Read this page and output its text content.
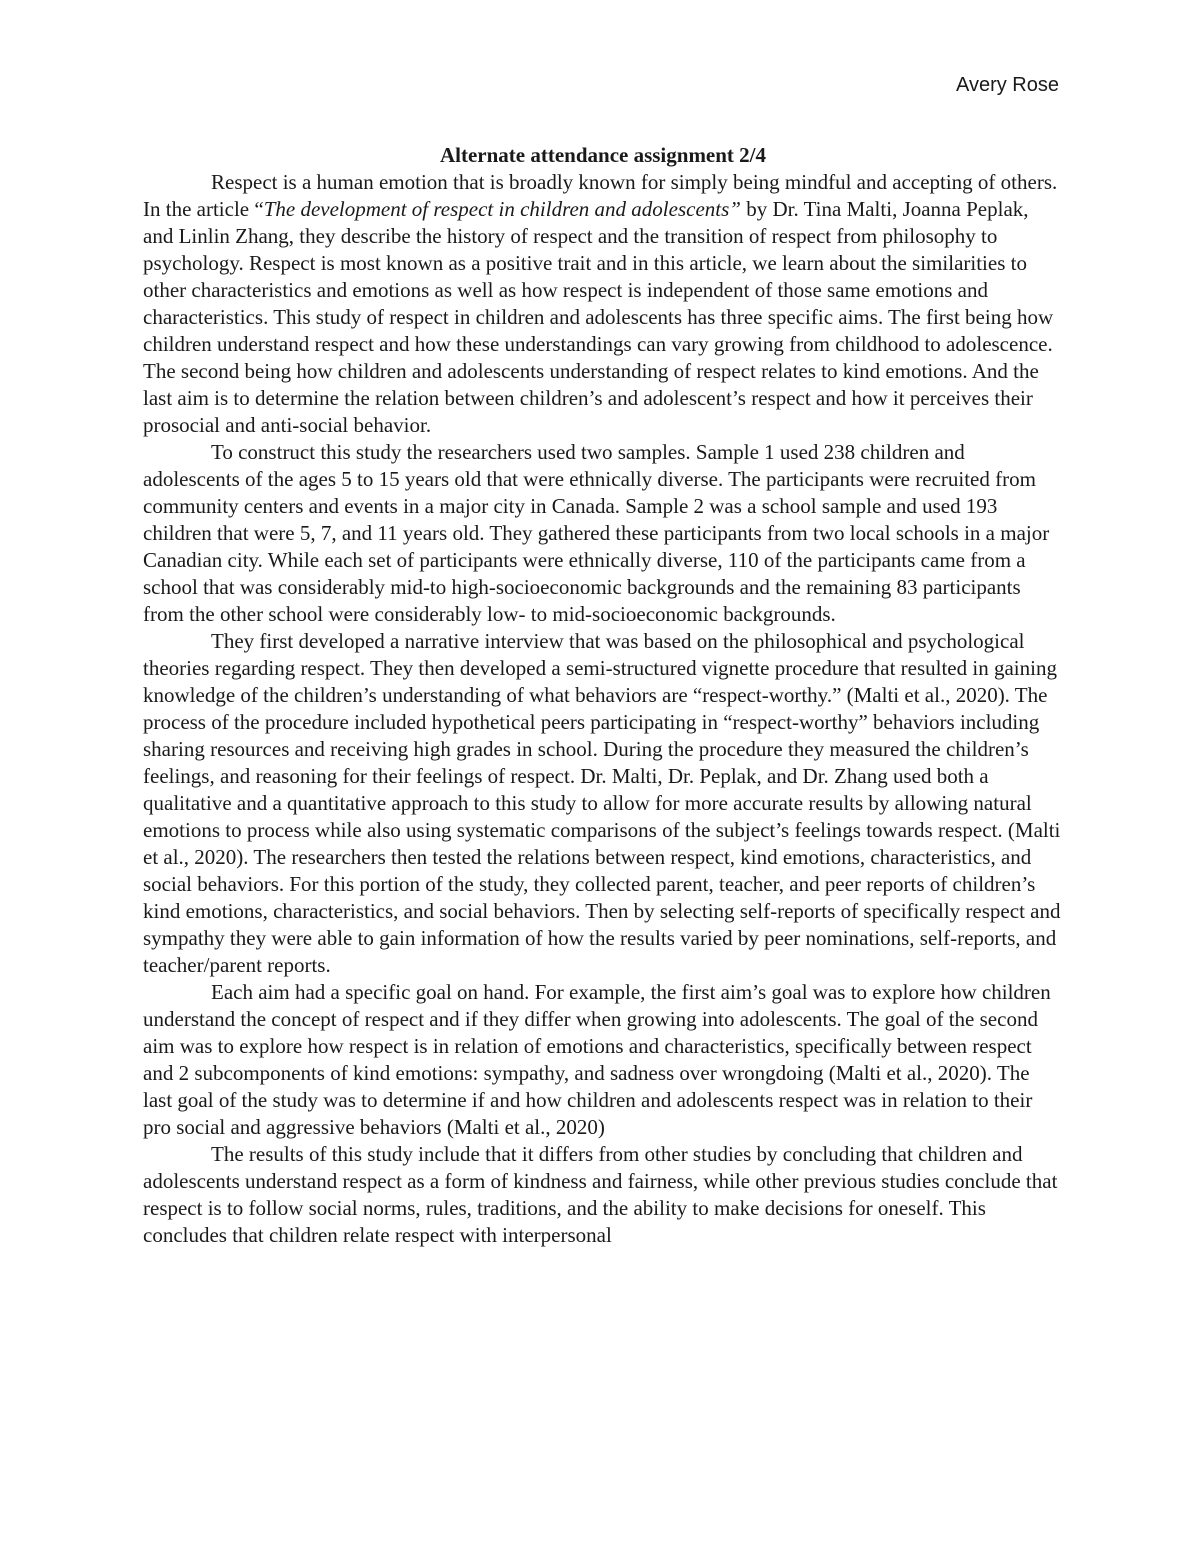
Avery Rose

Alternate attendance assignment 2/4

Respect is a human emotion that is broadly known for simply being mindful and accepting of others. In the article “The development of respect in children and adolescents” by Dr. Tina Malti, Joanna Peplak, and Linlin Zhang, they describe the history of respect and the transition of respect from philosophy to psychology. Respect is most known as a positive trait and in this article, we learn about the similarities to other characteristics and emotions as well as how respect is independent of those same emotions and characteristics. This study of respect in children and adolescents has three specific aims. The first being how children understand respect and how these understandings can vary growing from childhood to adolescence. The second being how children and adolescents understanding of respect relates to kind emotions. And the last aim is to determine the relation between children’s and adolescent’s respect and how it perceives their prosocial and anti-social behavior.

To construct this study the researchers used two samples. Sample 1 used 238 children and adolescents of the ages 5 to 15 years old that were ethnically diverse. The participants were recruited from community centers and events in a major city in Canada. Sample 2 was a school sample and used 193 children that were 5, 7, and 11 years old. They gathered these participants from two local schools in a major Canadian city. While each set of participants were ethnically diverse, 110 of the participants came from a school that was considerably mid-to high-socioeconomic backgrounds and the remaining 83 participants from the other school were considerably low- to mid-socioeconomic backgrounds.

They first developed a narrative interview that was based on the philosophical and psychological theories regarding respect. They then developed a semi-structured vignette procedure that resulted in gaining knowledge of the children’s understanding of what behaviors are “respect-worthy.” (Malti et al., 2020). The process of the procedure included hypothetical peers participating in “respect-worthy” behaviors including sharing resources and receiving high grades in school. During the procedure they measured the children’s feelings, and reasoning for their feelings of respect. Dr. Malti, Dr. Peplak, and Dr. Zhang used both a qualitative and a quantitative approach to this study to allow for more accurate results by allowing natural emotions to process while also using systematic comparisons of the subject’s feelings towards respect. (Malti et al., 2020). The researchers then tested the relations between respect, kind emotions, characteristics, and social behaviors. For this portion of the study, they collected parent, teacher, and peer reports of children’s kind emotions, characteristics, and social behaviors. Then by selecting self-reports of specifically respect and sympathy they were able to gain information of how the results varied by peer nominations, self-reports, and teacher/parent reports.

Each aim had a specific goal on hand. For example, the first aim’s goal was to explore how children understand the concept of respect and if they differ when growing into adolescents. The goal of the second aim was to explore how respect is in relation of emotions and characteristics, specifically between respect and 2 subcomponents of kind emotions: sympathy, and sadness over wrongdoing (Malti et al., 2020). The last goal of the study was to determine if and how children and adolescents respect was in relation to their pro social and aggressive behaviors (Malti et al., 2020)

The results of this study include that it differs from other studies by concluding that children and adolescents understand respect as a form of kindness and fairness, while other previous studies conclude that respect is to follow social norms, rules, traditions, and the ability to make decisions for oneself. This concludes that children relate respect with interpersonal
